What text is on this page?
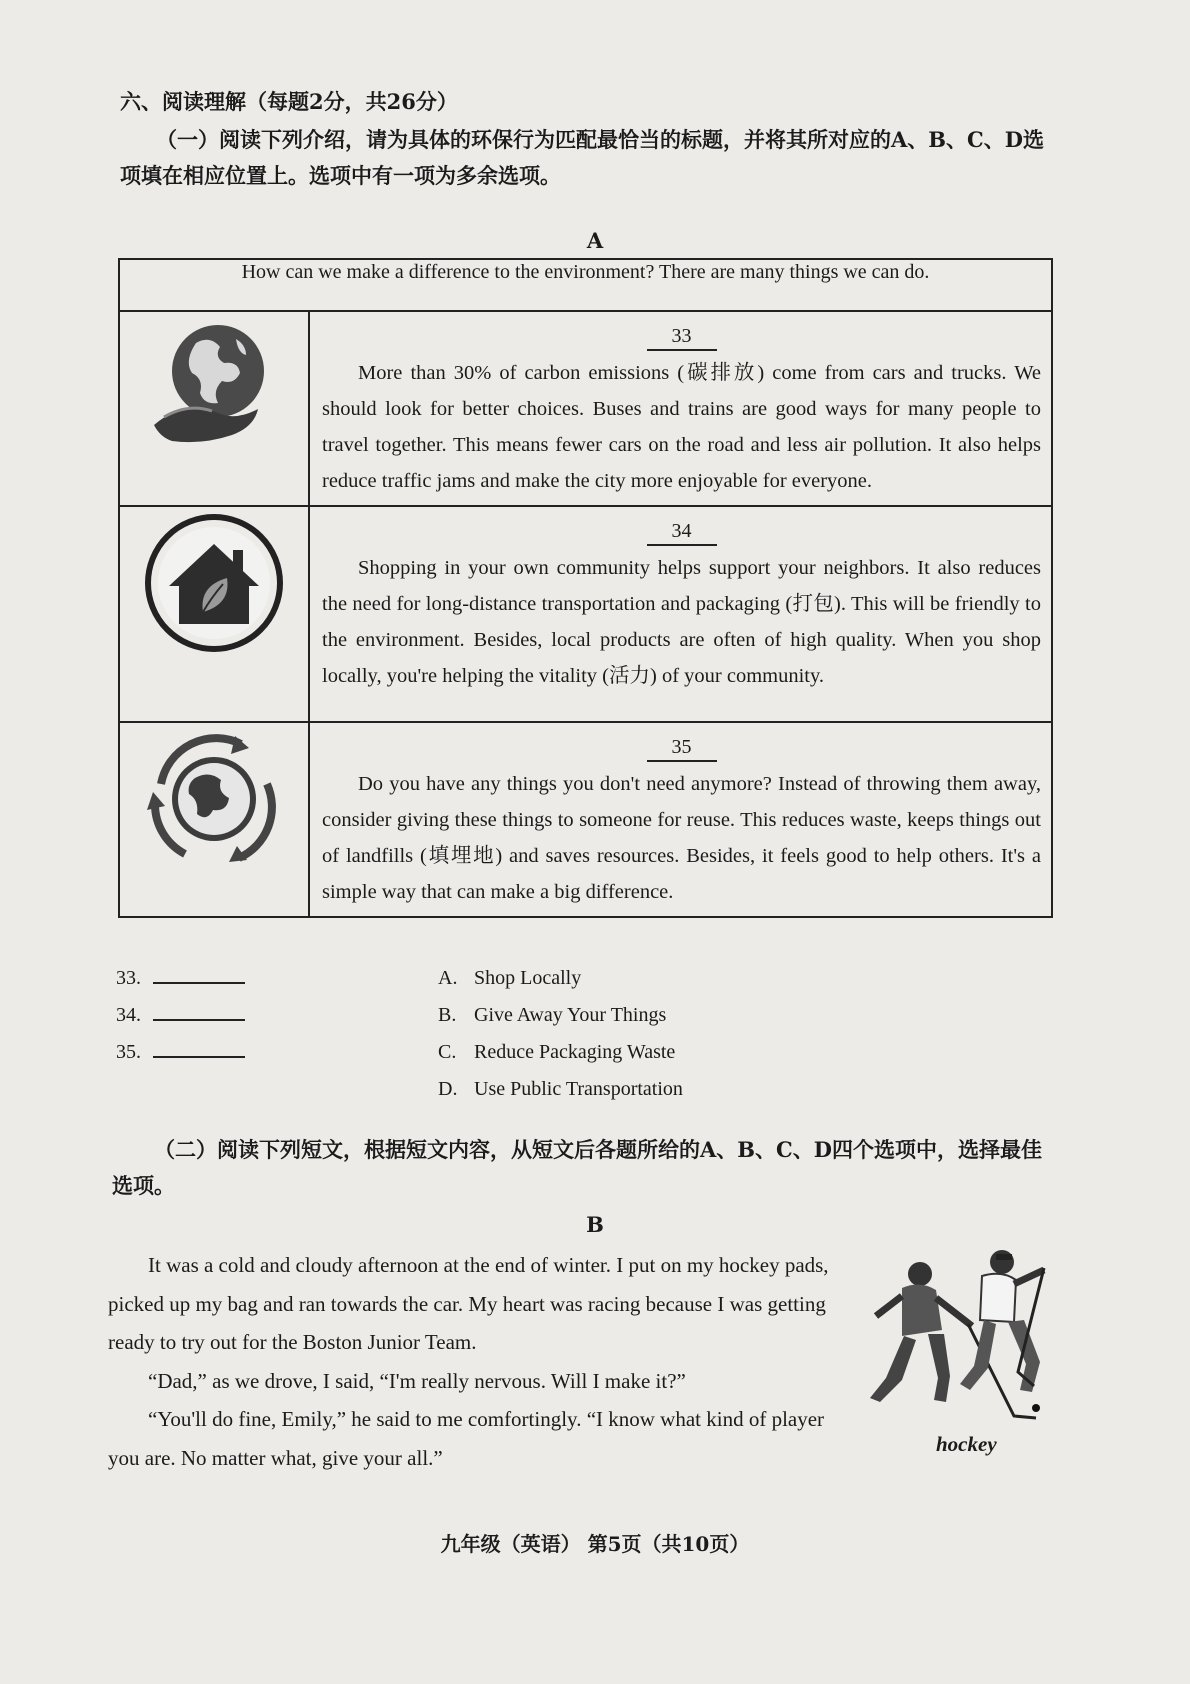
六、阅读理解（每题2分，共26分）
（一）阅读下列介绍，请为具体的环保行为匹配最恰当的标题，并将其所对应的A、B、C、D选项填在相应位置上。选项中有一项为多余选项。
A
How can we make a difference to the environment? There are many things we can do.	

33

More than 30% of carbon emissions (碳排放) come from cars and trucks. We should look for better choices. Buses and trains are good ways for many people to travel together. This means fewer cars on the road and less air pollution. It also helps reduce traffic jams and make the city more enjoyable for everyone.

34

Shopping in your own community helps support your neighbors. It also reduces the need for long-distance transportation and packaging (打包). This will be friendly to the environment. Besides, local products are often of high quality. When you shop locally, you're helping the vitality (活力) of your community.

35

Do you have any things you don't need anymore? Instead of throwing them away, consider giving these things to someone for reuse. This reduces waste, keeps things out of landfills (填埋地) and saves resources. Besides, it feels good to help others. It's a simple way that can make a big difference.

33.
34.
35.
A. Shop Locally
B. Give Away Your Things
C. Reduce Packaging Waste
D. Use Public Transportation
（二）阅读下列短文，根据短文内容，从短文后各题所给的A、B、C、D四个选项中，选择最佳选项。
B

It was a cold and cloudy afternoon at the end of winter. I put on my hockey pads, picked up my bag and ran towards the car. My heart was racing because I was getting ready to try out for the Boston Junior Team.

“Dad,” as we drove, I said, “I'm really nervous. Will I make it?”

“You'll do fine, Emily,” he said to me comfortingly. “I know what kind of player you are. No matter what, give your all.”

hockey
九年级（英语） 第5页（共10页）
